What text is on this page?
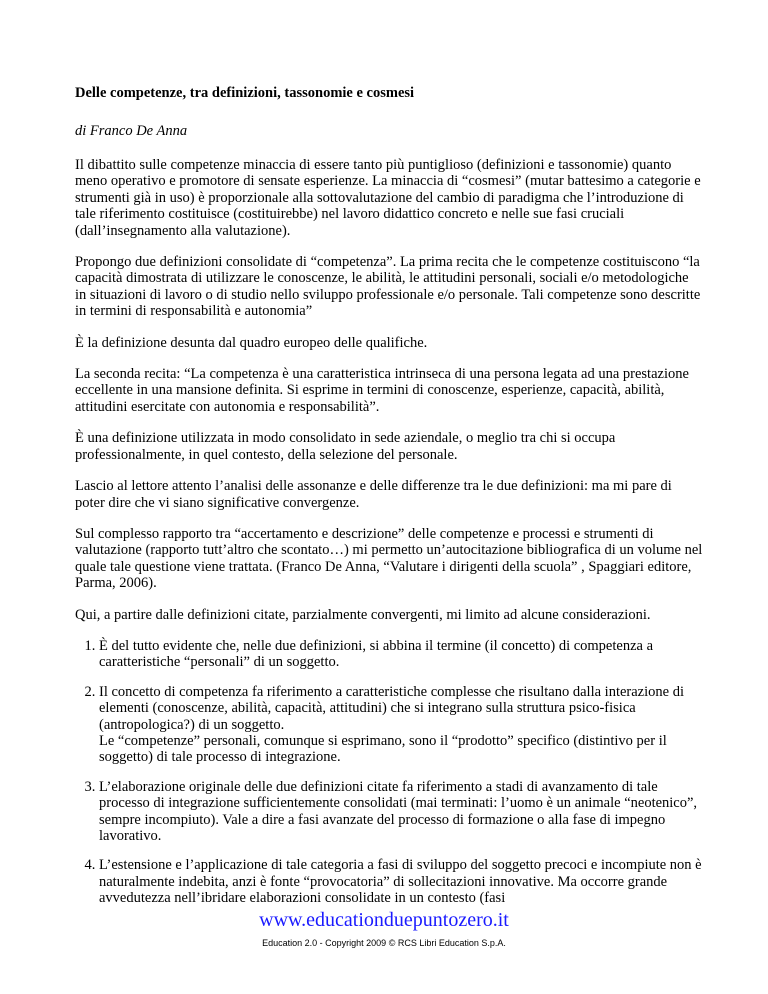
Delle competenze, tra definizioni, tassonomie e cosmesi
di Franco De Anna

Il dibattito sulle competenze minaccia di essere tanto più puntiglioso (definizioni e tassonomie) quanto meno operativo e promotore di sensate esperienze. La minaccia di “cosmesi” (mutar battesimo a categorie e strumenti già in uso) è proporzionale alla sottovalutazione del cambio di paradigma che l’introduzione di tale riferimento costituisce (costituirebbe) nel lavoro didattico concreto e nelle sue fasi cruciali (dall’insegnamento alla valutazione).

Propongo due definizioni consolidate di “competenza”. La prima recita che le competenze costituiscono “la capacità dimostrata di utilizzare le conoscenze, le abilità, le attitudini personali, sociali e/o metodologiche in situazioni di lavoro o di studio nello sviluppo professionale e/o personale. Tali competenze sono descritte in termini di responsabilità e autonomia”

È la definizione desunta dal quadro europeo delle qualifiche.

La seconda recita: “La competenza è una caratteristica intrinseca di una persona legata ad una prestazione eccellente in una mansione definita. Si esprime in termini di conoscenze, esperienze, capacità, abilità, attitudini esercitate con autonomia e responsabilità”.

È una definizione utilizzata in modo consolidato in sede aziendale, o meglio tra chi si occupa professionalmente, in quel contesto, della selezione del personale.

Lascio al lettore attento l’analisi delle assonanze e delle differenze tra le due definizioni: ma mi pare di poter dire che vi siano significative convergenze.

Sul complesso rapporto tra “accertamento e descrizione” delle competenze e processi e strumenti di valutazione (rapporto tutt’altro che scontato…) mi permetto un’autocitazione bibliografica di un volume nel quale tale questione viene trattata. (Franco De Anna, “Valutare i dirigenti della scuola” , Spaggiari editore, Parma, 2006).

Qui, a partire dalle definizioni citate, parzialmente convergenti, mi limito ad alcune considerazioni.

1. È del tutto evidente che, nelle due definizioni, si abbina il termine (il concetto) di competenza a caratteristiche “personali” di un soggetto.
2. Il concetto di competenza fa riferimento a caratteristiche complesse che risultano dalla interazione di elementi (conoscenze, abilità, capacità, attitudini) che si integrano sulla struttura psico-fisica (antropologica?) di un soggetto.
Le “competenze” personali, comunque si esprimano, sono il “prodotto” specifico (distintivo per il soggetto) di tale processo di integrazione.
3. L’elaborazione originale delle due definizioni citate fa riferimento a stadi di avanzamento di tale processo di integrazione sufficientemente consolidati (mai terminati: l’uomo è un animale “neotenico”, sempre incompiuto). Vale a dire a fasi avanzate del processo di formazione o alla fase di impegno lavorativo.
4. L’estensione e l’applicazione di tale categoria a fasi di sviluppo del soggetto precoci e incompiute non è naturalmente indebita, anzi è fonte “provocatoria” di sollecitazioni innovative. Ma occorre grande avvedutezza nell’ibridare elaborazioni consolidate in un contesto (fasi
www.educationduepuntozero.it
Education 2.0 - Copyright 2009 © RCS Libri Education S.p.A.
